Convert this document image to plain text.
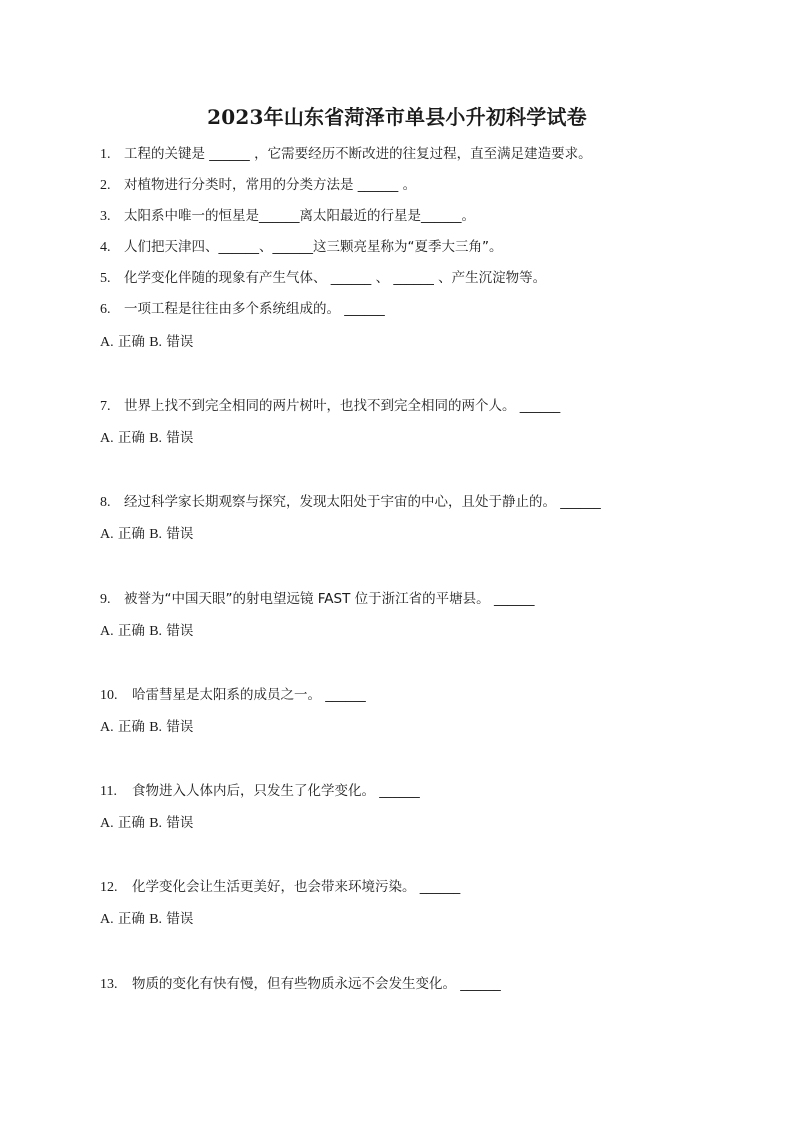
2023年山东省菏泽市单县小升初科学试卷
1. 工程的关键是 ______ ，它需要经历不断改进的往复过程，直至满足建造要求。
2. 对植物进行分类时，常用的分类方法是 ______ 。
3. 太阳系中唯一的恒星是______离太阳最近的行星是______。
4. 人们把天津四、______、______这三颗亮星称为“夏季大三角”。
5. 化学变化伴随的现象有产生气体、 ______ 、 ______ 、产生沉淀物等。
6. 一项工程是往往由多个系统组成的。 ______
A. 正确 B. 错误
7. 世界上找不到完全相同的两片树叶，也找不到完全相同的两个人。 ______
A. 正确 B. 错误
8. 经过科学家长期观察与探究，发现太阳处于宇宙的中心，且处于静止的。 ______
A. 正确 B. 错误
9. 被誉为“中国天眼”的射电望远镜 FAST 位于浙江省的平塘县。 ______
A. 正确 B. 错误
10. 哈雷彗星是太阳系的成员之一。 ______
A. 正确 B. 错误
11. 食物进入人体内后，只发生了化学变化。 ______
A. 正确 B. 错误
12. 化学变化会让生活更美好，也会带来环境污染。 ______
A. 正确 B. 错误
13. 物质的变化有快有慢，但有些物质永远不会发生变化。 ______
